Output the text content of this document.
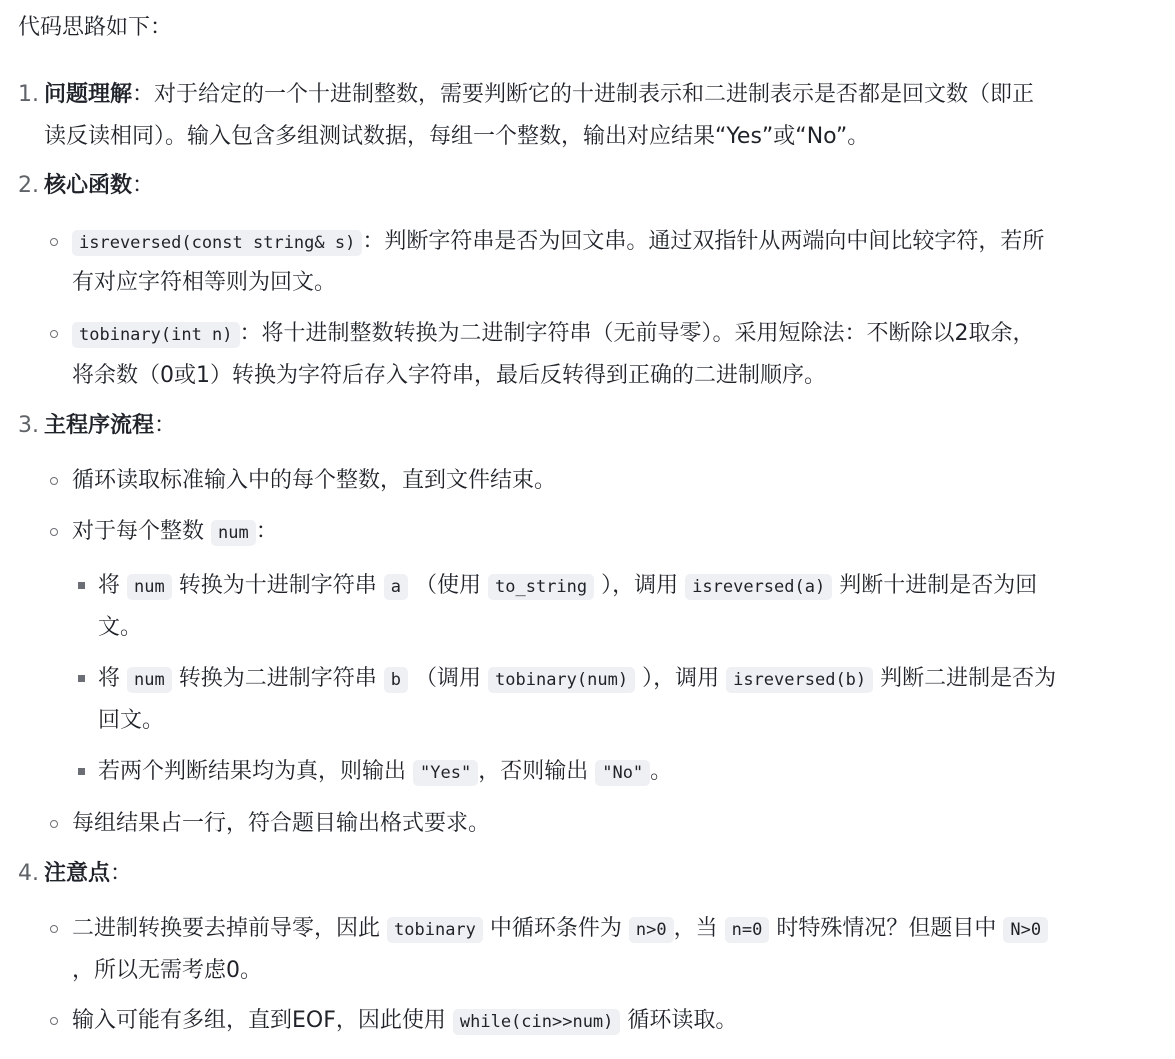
代码思路如下：
1. 问题理解：对于给定的一个十进制整数，需要判断它的十进制表示和二进制表示是否都是回文数（即正
读反读相同）。输入包含多组测试数据，每组一个整数，输出对应结果“Yes”或“No”。
2. 核心函数：
isreversed(const string& s) ：判断字符串是否为回文串。通过双指针从两端向中间比较字符，若所
有对应字符相等则为回文。
tobinary(int n) ：将十进制整数转换为二进制字符串（无前导零）。采用短除法：不断除以2取余，
将余数（0或1）转换为字符后存入字符串，最后反转得到正确的二进制顺序。
3. 主程序流程：
循环读取标准输入中的每个整数，直到文件结束。
对于每个整数 num ：
将 num 转换为十进制字符串 a （使用 to_string ），调用 isreversed(a) 判断十进制是否为回
文。
将 num 转换为二进制字符串 b （调用 tobinary(num) ），调用 isreversed(b) 判断二进制是否为
回文。
若两个判断结果均为真，则输出 "Yes" ，否则输出 "No" 。
每组结果占一行，符合题目输出格式要求。
4. 注意点：
二进制转换要去掉前导零，因此 tobinary 中循环条件为 n>0 ，当 n=0 时特殊情况？但题目中 N>0
，所以无需考虑0。
输入可能有多组，直到EOF，因此使用 while(cin>>num) 循环读取。
